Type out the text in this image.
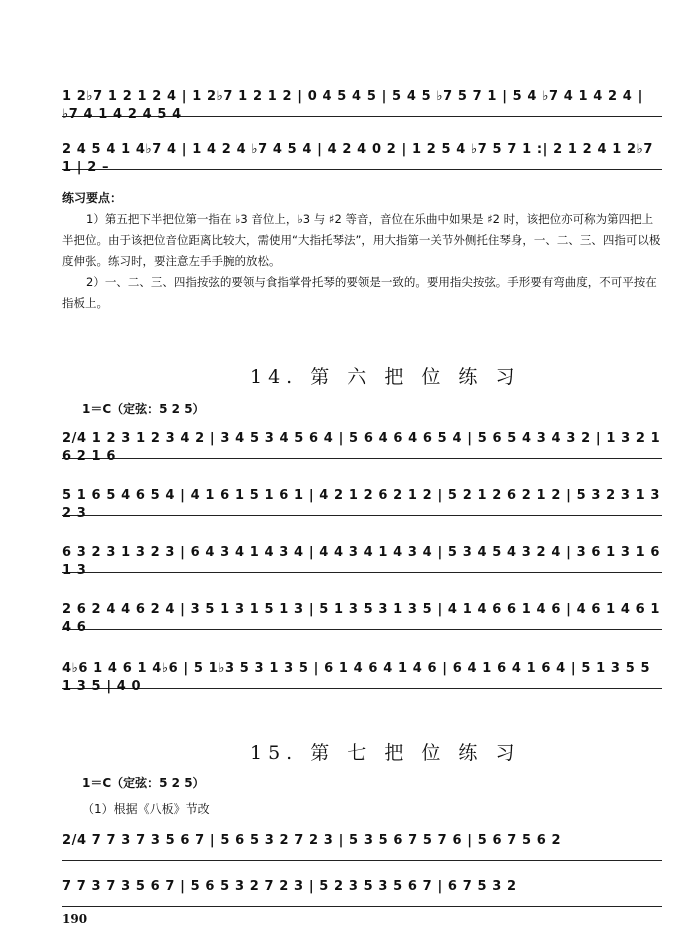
1 2♭7 1 2 1 2 4 | 1 2♭7 1 2 1 2 | 0 4 5 4 5 | 5 4 5 ♭7 5 7 1 | 5 4 ♭7 4 1 4 2 4 | ♭7 4 1 4 2 4 5 4
2 4 5 4 1 4♭7 4 | 1 4 2 4 ♭7 4 5 4 | 4 2 4 0 2 | 1 2 5 4 ♭7 5 7 1 :| 2 1 2 4 1 2♭7 1 | 2 –
练习要点：
1）第五把下半把位第一指在 ♭3 音位上，♭3 与 ♯2 等音，音位在乐曲中如果是 ♯2 时，该把位亦可称为第四把上半把位。由于该把位音位距离比较大，需使用“大指托琴法”，用大指第一关节外侧托住琴身，一、二、三、四指可以极度伸张。练习时，要注意左手手腕的放松。
2）一、二、三、四指按弦的要领与食指掌骨托琴的要领是一致的。要用指尖按弦。手形要有弯曲度，不可平按在指板上。
14. 第 六 把 位 练 习
1＝C（定弦：5 2 5）
2/4 1 2 3 1 2 3 4 2 | 3 4 5 3 4 5 6 4 | 5 6 4 6 4 6 5 4 | 5 6 5 4 3 4 3 2 | 1 3 2 1 6 2 1 6
5 1 6 5 4 6 5 4 | 4 1 6 1 5 1 6 1 | 4 2 1 2 6 2 1 2 | 5 2 1 2 6 2 1 2 | 5 3 2 3 1 3 2 3
6 3 2 3 1 3 2 3 | 6 4 3 4 1 4 3 4 | 4 4 3 4 1 4 3 4 | 5 3 4 5 4 3 2 4 | 3 6 1 3 1 6 1 3
2 6 2 4 4 6 2 4 | 3 5 1 3 1 5 1 3 | 5 1 3 5 3 1 3 5 | 4 1 4 6 6 1 4 6 | 4 6 1 4 6 1 4 6
4♭6 1 4 6 1 4♭6 | 5 1♭3 5 3 1 3 5 | 6 1 4 6 4 1 4 6 | 6 4 1 6 4 1 6 4 | 5 1 3 5 5 1 3 5 | 4 0
15. 第 七 把 位 练 习
1＝C（定弦：5 2 5）
（1）根据《八板》节改
2/4 7 7 3 7 3 5 6 7 | 5 6 5 3 2 7 2 3 | 5 3 5 6 7 5 7 6 | 5 6 7 5 6 2
7 7 3 7 3 5 6 7 | 5 6 5 3 2 7 2 3 | 5 2 3 5 3 5 6 7 | 6 7 5 3 2
190
